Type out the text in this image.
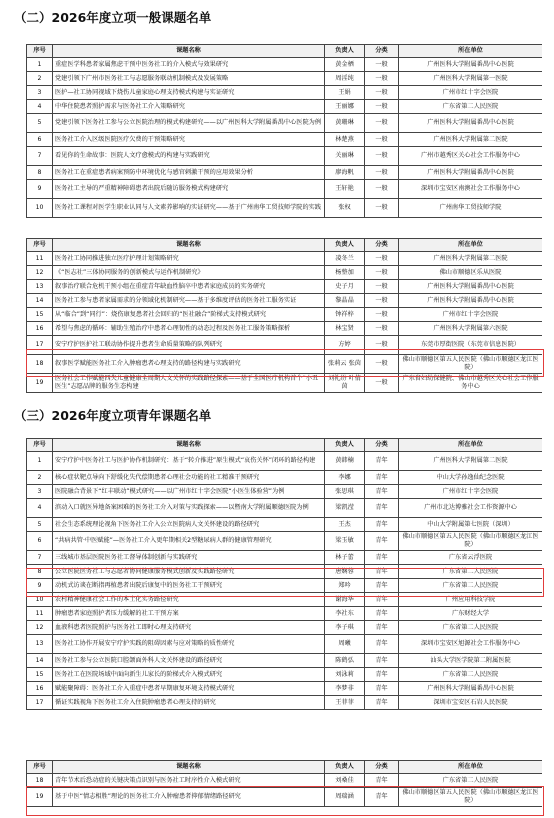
（二）2026年度立项一般课题名单
序号	课题名称	负责人	分类	所在单位
1	重症医学科患者家属焦虑干预中医务社工的介入模式与效果研究	黄金栖	一般	广州医科大学附属番禺中心医院
2	党建引领下广州市医务社工与志愿服务联动机制模式及发展策略	周淫纯	一般	广州医科大学附属第一医院
3	医护—社工协同视域下烧伤儿童家庭心理支持模式构建与实证研究	王娟	一般	广州市红十字会医院
4	中华住院患者照护需求与医务社工介入策略研究	王丽娜	一般	广东省第二人民医院
5	党建引领下医务社工参与公立医院治理的模式构建研究——以广州医科大学附属番禺中心医院为例	黄珊琳	一般	广州医科大学附属番禺中心医院
6	医务社工介入区级医院医疗欠费的干预策略研究	林楚燕	一般	广州医科大学附属第二医院
7	看见你的生命故事：医院人文疗愈模式的构建与实践研究	关丽琳	一般	广州市越秀区关心社会工作服务中心
8	医务社工在重症患者病案预防中环境优化与感官刺激干预的应用效果分析	廖海帆	一般	广州医科大学附属番禺中心医院
9	医务社工主导的严重精神障碍患者出院后随访服务模式构建研究	王轩艳	一般	深圳市宝安区南澳社会工作服务中心
10	医务社工课程对医学生职业认同与人文素养影响的实证研究——基于广州南华工贸技师学院的实践	张权	一般	广州南华工贸技师学院
序号	课题名称	负责人	分类	所在单位
11	医务社工协同推进独立医疗护理计划策略研究	凌冬兰	一般	广州医科大学附属第二医院
12	《“医志社”三体协同服务的创新模式与运作机制研究》	杨整加	一般	佛山市顺德区乐从医院
13	叙事治疗联合危机干预小组在重症青年缺血性脑卒中患者家庭成员的实务研究	史子月	一般	广州医科大学附属番禺中心医院
14	医务社工参与患者家属需求的分领域化机制研究——基于多维度评估的医务社工服务实证	黎晶晶	一般	广州医科大学附属番禺中心医院
15	从“临合”到“同行”：烧伤康复患者社会回归的“医社融合”阶梯式支持模式研究	钟祥梓	一般	广州市红十字会医院
16	希望与焦虑的循环：辅助生殖治疗中患者心理韧性的动态过程及医务社工服务策略探析	林宝贤	一般	广州医科大学附属第六医院
17	安宁疗护医护社工联动协作提升患者生命质量策略的队列研究	方婷	一般	东莞市厚街医院（东莞市信息医院）
18	叙事医学赋能医务社工介入肿瘤患者心理支持的路径构建与实践研究	张莉云 张茵	一般	佛山市顺德区第五人民医院（佛山市顺德区龙江医院）
19	医务社会工作赋能四失儿童健康全周期人文关怀的实践路径探索——基于全国医疗机构首个“小丑医生”志愿品牌的服务生态构建	刘礼纷 叶倩茵	一般	广东省妇幼保健院、佛山市越秀区关心社会工作服务中心
（三）2026年度立项青年课题名单
序号	课题名称	负责人	分类	所在单位
1	安宁疗护中医务社工与医护协作机制研究：基于“转介推进”原生模式“哀伤关怀”闭环的路径构建	黄韩楠	青年	广州医科大学附属第二医院
2	核心症状靶点导向下舒缓化失代偿期患者心理社会功能的社工精准干预研究	李娜	青年	中山大学孙逸仙纪念医院
3	医院融合背景下“红丰联动”模式研究——以广州市红十字会医院“小医生体验营”为例	张思琪	青年	广州市红十字会医院
4	滨动入口就医异地备案困难的医务社工介入对策与实践探索——以暨南大学附属顺德医院为例	梁凯滢	青年	广州市北达博雅社会工作资源中心
5	社会生态系统理论视角下医务社工介入公立医院病人文关怀建设的路径研究	王杰	青年	中山大学附属第七医院（深圳）
6	“共病共管·中医赋能”—医务社工介入更年期相关2型糖尿病人群的健康管理研究	梁玉敏	青年	佛山市顺德区第五人民医院（佛山市顺德区龙江医院）
7	三线城市基层医院医务社工督导体制创新与实践研究	林子蕾	青年	广东省云浮医院
8	公立医院医务社工与志愿者协同健康服务模式创新及实践路径研究	唐娴蓉	青年	广东省第二人民医院
9	动机式访谈在断指再植患者出院后康复中的医务社工干预研究	郑吟	青年	广东省第二人民医院
10	农村精神健康社会工作的本土化实务路径研究	谢海华	青年	广州应用科技学院
11	肿瘤患者家庭照护者压力缓解的社工干预方案	李社东	青年	广东财经大学
12	血液科患者医院照护与医务社工即时心理支持研究	李子琪	青年	广东省第二人民医院
13	医务社工协作开展安宁疗护实践的阻碍因素与应对策略的质性研究	周曦	青年	深圳市宝安区旭源社会工作服务中心
14	医务社工参与公立医院口腔颌面外科人文关怀建设的路径研究	陈鹤弘	青年	汕头大学医学院第二附属医院
15	医务社工在医院场域中面向新生儿家长的阶梯式介入模式研究	刘泳莉	青年	广东省第二人民医院
16	赋能聚障碍：医务社工介入重症中患者早期康复环境支持模式研究	李梦非	青年	广州医科大学附属番禺中心医院
17	循证实践视角下医务社工介入住院肿瘤患者心理支持的研究	王菲菲	青年	深圳市宝安区石岩人民医院
序号	课题名称	负责人	分类	所在单位
18	青年节术后恐动症的关键决策点识别与医务社工时序性介入模式研究	刘桑佳	青年	广东省第二人民医院
19	基于中医“情志相胜”理论的医务社工介入肿瘤患者抑郁情绪路径研究	周瑞涵	青年	佛山市顺德区第五人民医院（佛山市顺德区龙江医院）
